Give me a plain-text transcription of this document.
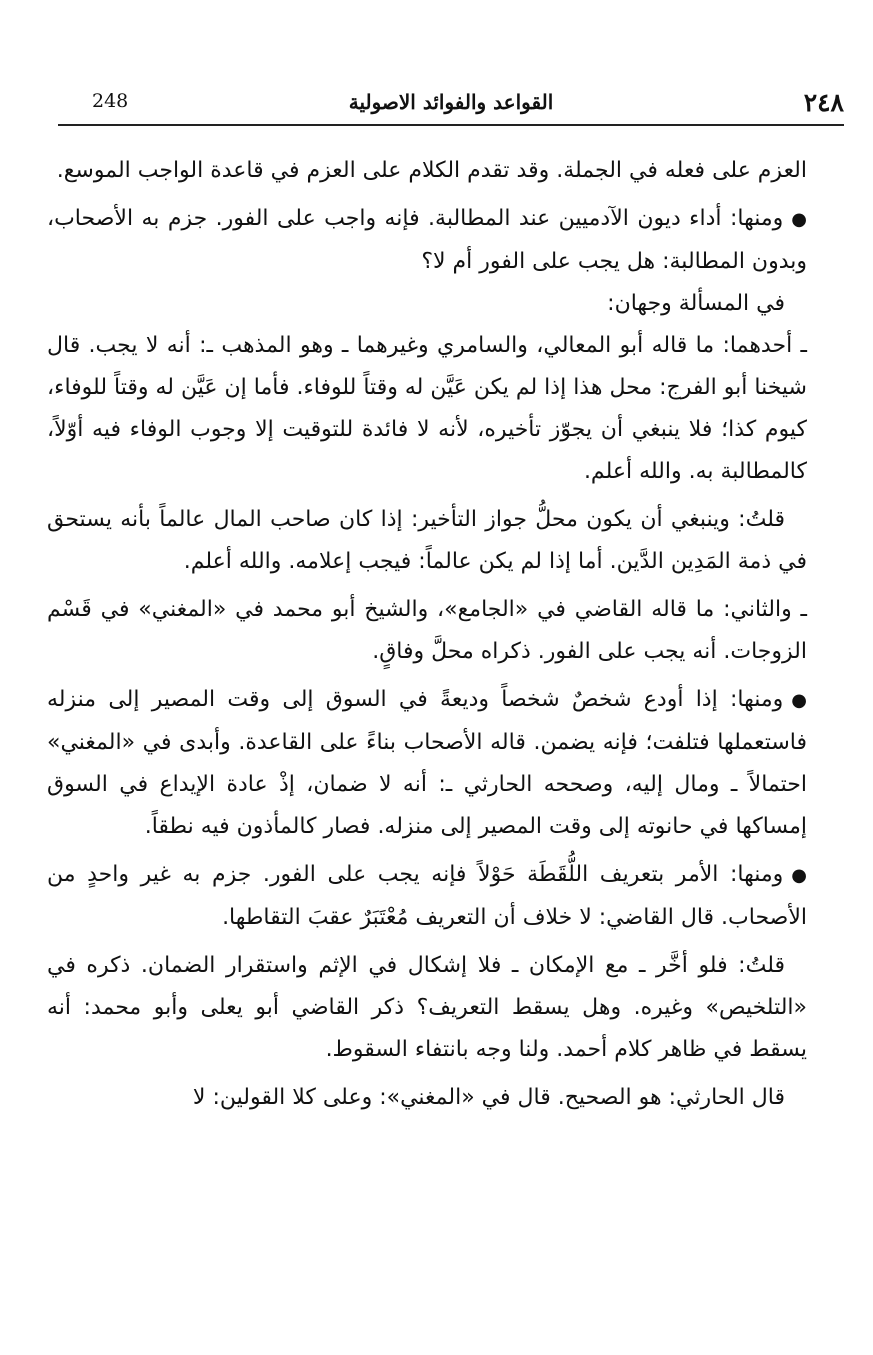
٢٤٨
القواعد والفوائد الاصولية
248

العزم على فعله في الجملة. وقد تقدم الكلام على العزم في قاعدة الواجب الموسع.

●ومنها: أداء ديون الآدميين عند المطالبة. فإنه واجب على الفور. جزم به الأصحاب، وبدون المطالبة: هل يجب على الفور أم لا؟

في المسألة وجهان:

ـ أحدهما: ما قاله أبو المعالي، والسامري وغيرهما ـ وهو المذهب ـ: أنه لا يجب. قال شيخنا أبو الفرج: محل هذا إذا لم يكن عَيَّن له وقتاً للوفاء. فأما إن عَيَّن له وقتاً للوفاء، كيوم كذا؛ فلا ينبغي أن يجوّز تأخيره، لأنه لا فائدة للتوقيت إلا وجوب الوفاء فيه أوّلاً، كالمطالبة به. والله أعلم.

قلتُ: وينبغي أن يكون محلُّ جواز التأخير: إذا كان صاحب المال عالماً بأنه يستحق في ذمة المَدِين الدَّين. أما إذا لم يكن عالماً: فيجب إعلامه. والله أعلم.

ـ والثاني: ما قاله القاضي في «الجامع»، والشيخ أبو محمد في «المغني» في قَسْم الزوجات. أنه يجب على الفور. ذكراه محلَّ وفاقٍ.

●ومنها: إذا أودع شخصٌ شخصاً وديعةً في السوق إلى وقت المصير إلى منزله فاستعملها فتلفت؛ فإنه يضمن. قاله الأصحاب بناءً على القاعدة. وأبدى في «المغني» احتمالاً ـ ومال إليه، وصححه الحارثي ـ: أنه لا ضمان، إذْ عادة الإيداع في السوق إمساكها في حانوته إلى وقت المصير إلى منزله. فصار كالمأذون فيه نطقاً.

●ومنها: الأمر بتعريف اللُّقَطَة حَوْلاً فإنه يجب على الفور. جزم به غير واحدٍ من الأصحاب. قال القاضي: لا خلاف أن التعريف مُعْتَبَرٌ عقبَ التقاطها.

قلتُ: فلو أخَّر ـ مع الإمكان ـ فلا إشكال في الإثم واستقرار الضمان. ذكره في «التلخيص» وغيره. وهل يسقط التعريف؟ ذكر القاضي أبو يعلى وأبو محمد: أنه يسقط في ظاهر كلام أحمد. ولنا وجه بانتفاء السقوط.

قال الحارثي: هو الصحيح. قال في «المغني»: وعلى كلا القولين: لا
